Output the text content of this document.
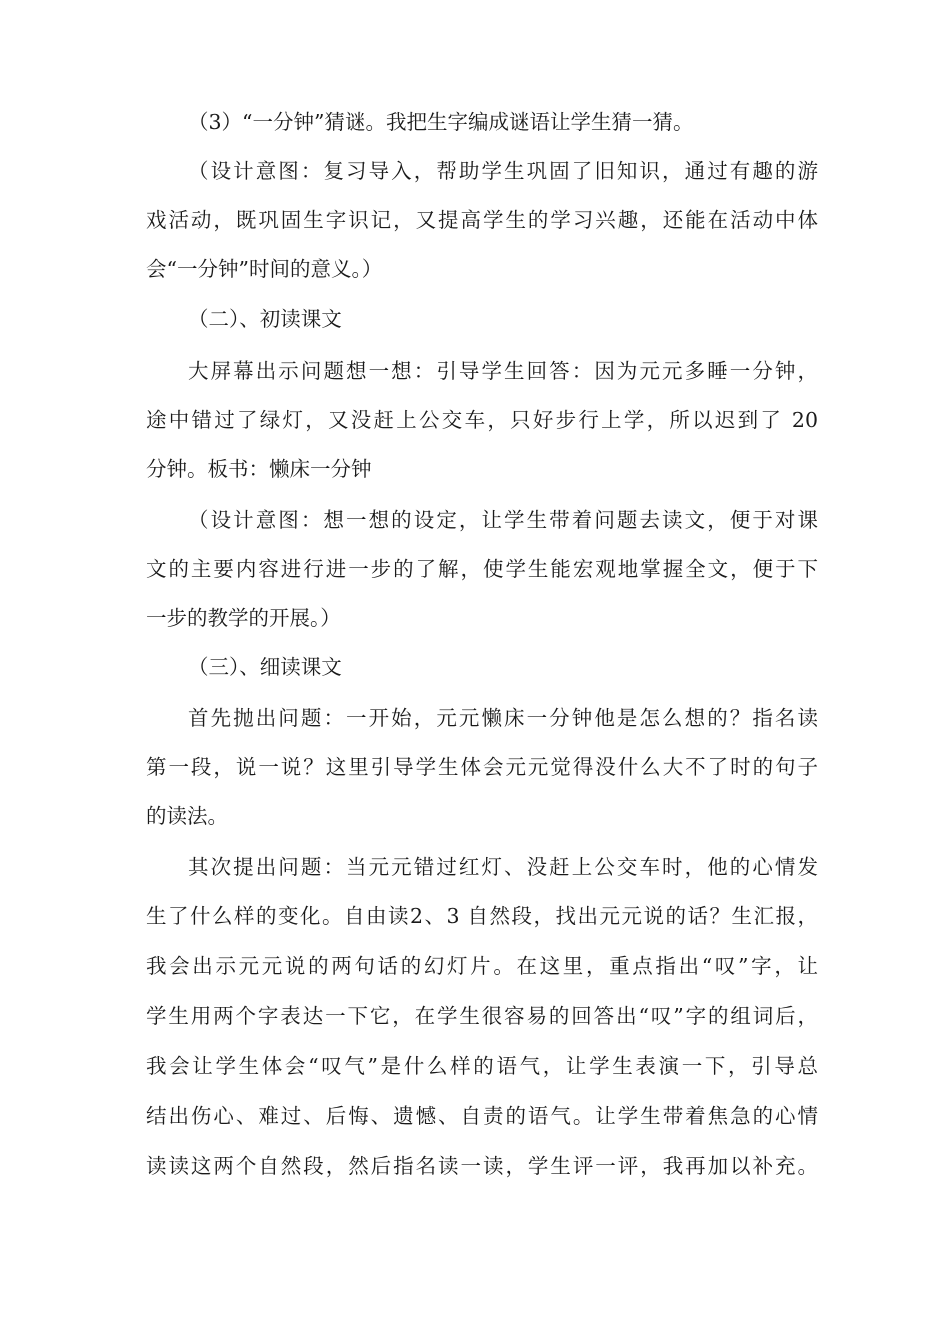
（3）“一分钟”猜谜。我把生字编成谜语让学生猜一猜。
（设计意图：复习导入，帮助学生巩固了旧知识，通过有趣的游
戏活动，既巩固生字识记，又提高学生的学习兴趣，还能在活动中体
会“一分钟”时间的意义。）
（二）、初读课文
大屏幕出示问题想一想：引导学生回答：因为元元多睡一分钟，
途中错过了绿灯，又没赶上公交车，只好步行上学，所以迟到了 20
分钟。板书：懒床一分钟
（设计意图：想一想的设定，让学生带着问题去读文，便于对课
文的主要内容进行进一步的了解，使学生能宏观地掌握全文，便于下
一步的教学的开展。）
（三）、细读课文
首先抛出问题：一开始，元元懒床一分钟他是怎么想的？指名读
第一段，说一说？这里引导学生体会元元觉得没什么大不了时的句子
的读法。
其次提出问题：当元元错过红灯、没赶上公交车时，他的心情发
生了什么样的变化。自由读2、3 自然段，找出元元说的话？生汇报，
我会出示元元说的两句话的幻灯片。在这里，重点指出“叹”字，让
学生用两个字表达一下它，在学生很容易的回答出“叹”字的组词后，
我会让学生体会“叹气”是什么样的语气，让学生表演一下，引导总
结出伤心、难过、后悔、遗憾、自责的语气。让学生带着焦急的心情
读读这两个自然段，然后指名读一读，学生评一评，我再加以补充。
